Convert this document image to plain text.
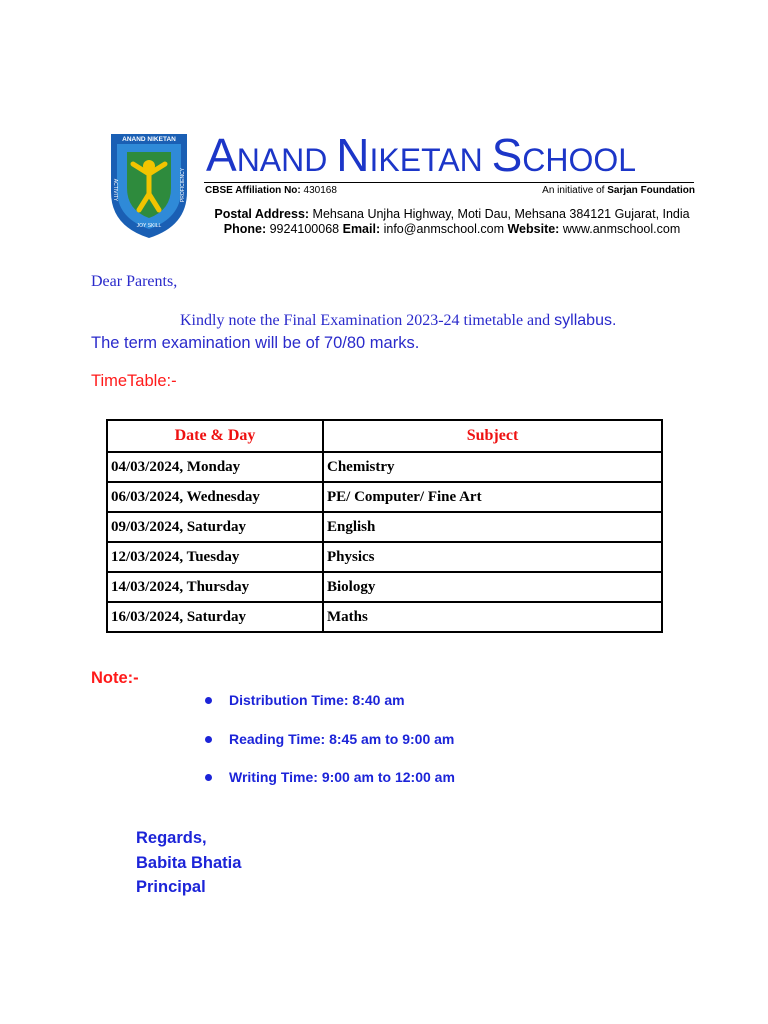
ANAND NIKETAN
ACTIVITY	PROFICIENCY
JOY SKILL
ANAND NIKETAN SCHOOL
CBSE Affiliation No: 430168	An initiative of Sarjan Foundation
Postal Address: Mehsana Unjha Highway, Moti Dau, Mehsana 384121 Gujarat, India
Phone: 9924100068 Email: info@anmschool.com Website: www.anmschool.com
Dear Parents,
Kindly note the Final Examination 2023-24 timetable and syllabus.
The term examination will be of 70/80 marks.
TimeTable:-
Date & Day	Subject
04/03/2024, Monday	Chemistry
06/03/2024, Wednesday	PE/ Computer/ Fine Art
09/03/2024, Saturday	English
12/03/2024, Tuesday	Physics
14/03/2024, Thursday	Biology
16/03/2024, Saturday	Maths
Note:-
Distribution Time: 8:40 am
Reading Time: 8:45 am to 9:00 am
Writing Time: 9:00 am to 12:00 am
Regards,
Babita Bhatia
Principal
